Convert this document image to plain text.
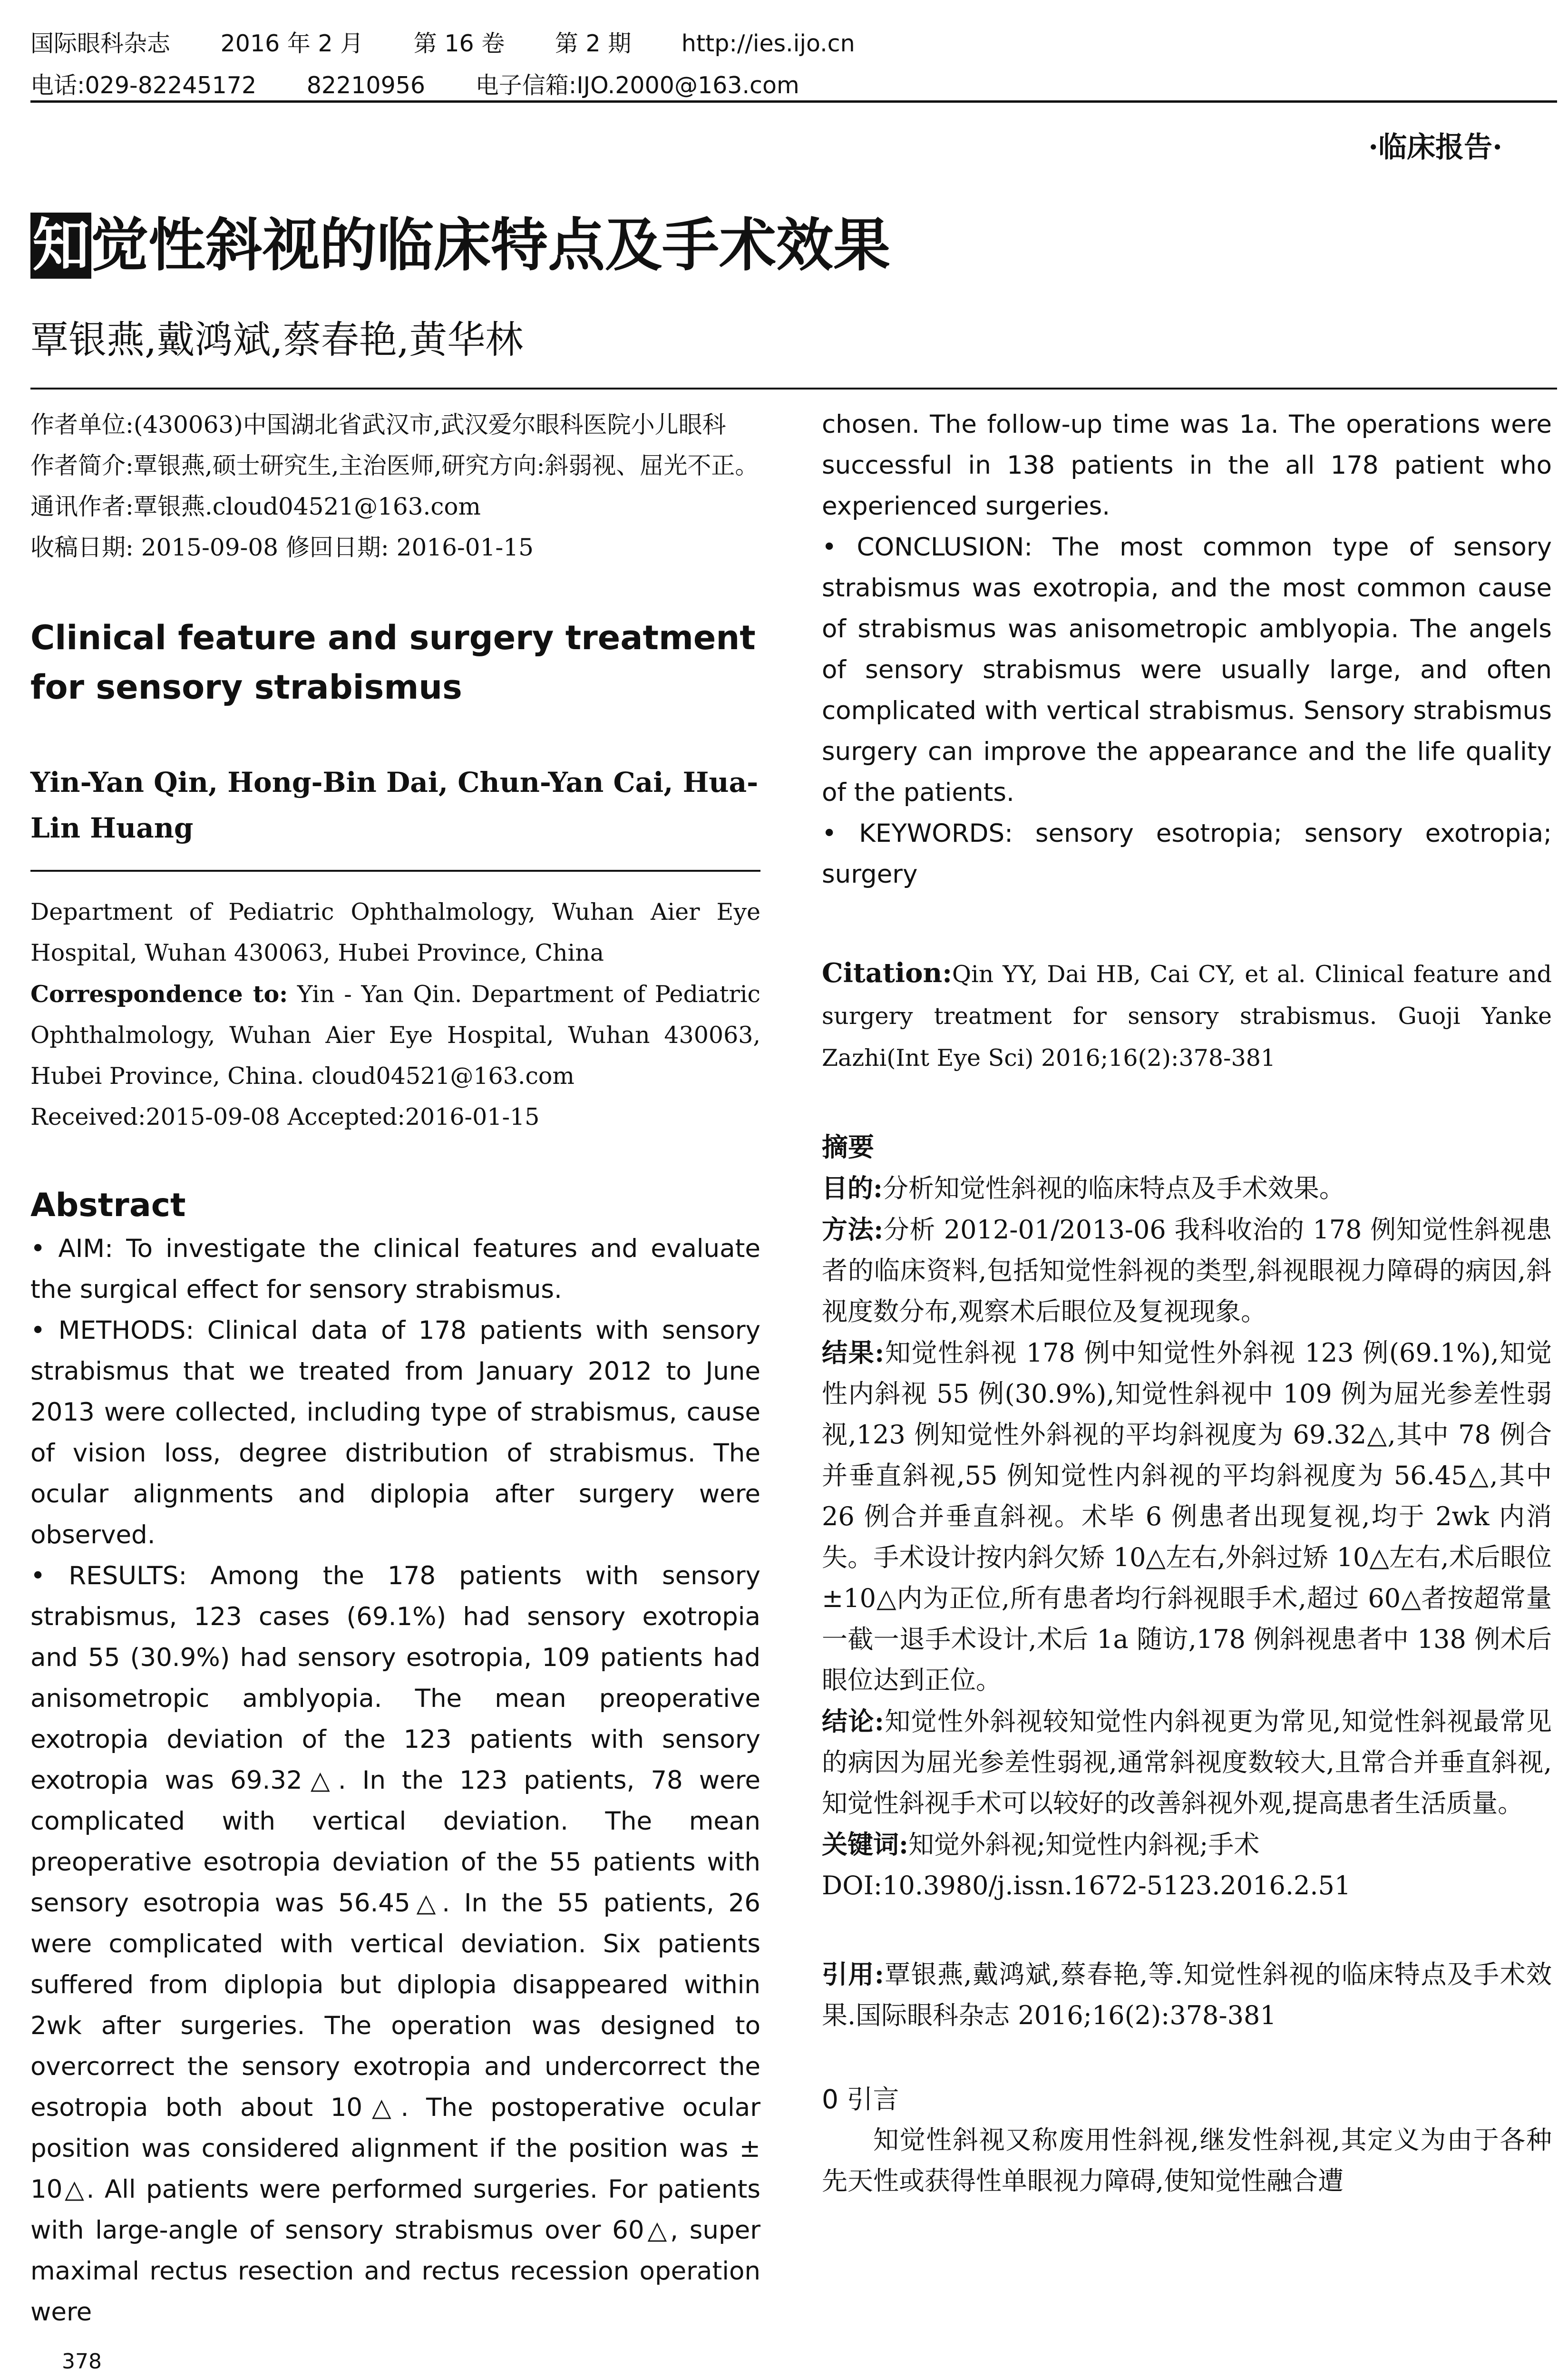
国际眼科杂志 2016 年 2 月 第 16 卷 第 2 期 http://ies.ijo.cn
电话:029-82245172 82210956 电子信箱:IJO.2000@163.com
·临床报告·
知觉性斜视的临床特点及手术效果
覃银燕,戴鸿斌,蔡春艳,黄华林

作者单位:(430063)中国湖北省武汉市,武汉爱尔眼科医院小儿眼科

作者简介:覃银燕,硕士研究生,主治医师,研究方向:斜弱视、屈光不正。

通讯作者:覃银燕.cloud04521@163.com

收稿日期: 2015-09-08 修回日期: 2016-01-15

Clinical feature and surgery treatment for sensory strabismus
Yin-Yan Qin, Hong-Bin Dai, Chun-Yan Cai, Hua-Lin Huang

Department of Pediatric Ophthalmology, Wuhan Aier Eye Hospital, Wuhan 430063, Hubei Province, China

Correspondence to: Yin - Yan Qin. Department of Pediatric Ophthalmology, Wuhan Aier Eye Hospital, Wuhan 430063, Hubei Province, China. cloud04521@163.com

Received:2015-09-08 Accepted:2016-01-15

Abstract

• AIM: To investigate the clinical features and evaluate the surgical effect for sensory strabismus.

• METHODS: Clinical data of 178 patients with sensory strabismus that we treated from January 2012 to June 2013 were collected, including type of strabismus, cause of vision loss, degree distribution of strabismus. The ocular alignments and diplopia after surgery were observed.

• RESULTS: Among the 178 patients with sensory strabismus, 123 cases (69.1%) had sensory exotropia and 55 (30.9%) had sensory esotropia, 109 patients had anisometropic amblyopia. The mean preoperative exotropia deviation of the 123 patients with sensory exotropia was 69.32△. In the 123 patients, 78 were complicated with vertical deviation. The mean preoperative esotropia deviation of the 55 patients with sensory esotropia was 56.45△. In the 55 patients, 26 were complicated with vertical deviation. Six patients suffered from diplopia but diplopia disappeared within 2wk after surgeries. The operation was designed to overcorrect the sensory exotropia and undercorrect the esotropia both about 10△. The postoperative ocular position was considered alignment if the position was ± 10△. All patients were performed surgeries. For patients with large-angle of sensory strabismus over 60△, super maximal rectus resection and rectus recession operation were

chosen. The follow-up time was 1a. The operations were successful in 138 patients in the all 178 patient who experienced surgeries.

• CONCLUSION: The most common type of sensory strabismus was exotropia, and the most common cause of strabismus was anisometropic amblyopia. The angels of sensory strabismus were usually large, and often complicated with vertical strabismus. Sensory strabismus surgery can improve the appearance and the life quality of the patients.

• KEYWORDS: sensory esotropia; sensory exotropia; surgery

Citation:Qin YY, Dai HB, Cai CY, et al. Clinical feature and surgery treatment for sensory strabismus. Guoji Yanke Zazhi(Int Eye Sci) 2016;16(2):378-381
摘要

目的:分析知觉性斜视的临床特点及手术效果。

方法:分析 2012-01/2013-06 我科收治的 178 例知觉性斜视患者的临床资料,包括知觉性斜视的类型,斜视眼视力障碍的病因,斜视度数分布,观察术后眼位及复视现象。

结果:知觉性斜视 178 例中知觉性外斜视 123 例(69.1%),知觉性内斜视 55 例(30.9%),知觉性斜视中 109 例为屈光参差性弱视,123 例知觉性外斜视的平均斜视度为 69.32△,其中 78 例合并垂直斜视,55 例知觉性内斜视的平均斜视度为 56.45△,其中 26 例合并垂直斜视。术毕 6 例患者出现复视,均于 2wk 内消失。手术设计按内斜欠矫 10△左右,外斜过矫 10△左右,术后眼位±10△内为正位,所有患者均行斜视眼手术,超过 60△者按超常量一截一退手术设计,术后 1a 随访,178 例斜视患者中 138 例术后眼位达到正位。

结论:知觉性外斜视较知觉性内斜视更为常见,知觉性斜视最常见的病因为屈光参差性弱视,通常斜视度数较大,且常合并垂直斜视,知觉性斜视手术可以较好的改善斜视外观,提高患者生活质量。

关键词:知觉外斜视;知觉性内斜视;手术

DOI:10.3980/j.issn.1672-5123.2016.2.51

引用:覃银燕,戴鸿斌,蔡春艳,等.知觉性斜视的临床特点及手术效果.国际眼科杂志 2016;16(2):378-381
0 引言

知觉性斜视又称废用性斜视,继发性斜视,其定义为由于各种先天性或获得性单眼视力障碍,使知觉性融合遭

378
